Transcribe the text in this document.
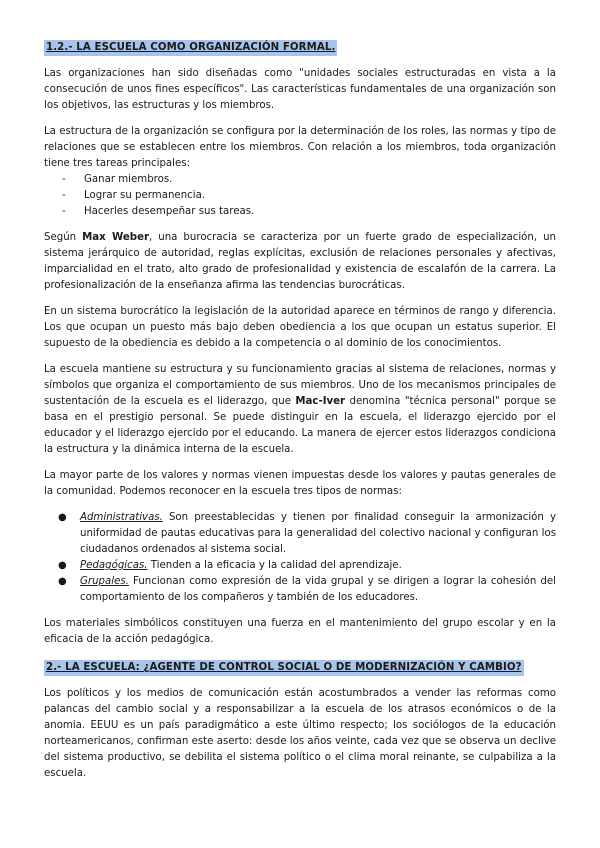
1.2.- LA ESCUELA COMO ORGANIZACIÓN FORMAL.

Las organizaciones han sido diseñadas como "unidades sociales estructuradas en vista a la consecución de unos fines específicos". Las características fundamentales de una organización son los objetivos, las estructuras y los miembros.

La estructura de la organización se configura por la determinación de los roles, las normas y tipo de relaciones que se establecen entre los miembros. Con relación a los miembros, toda organización tiene tres tareas principales:

- Ganar miembros.
- Lograr su permanencia.
- Hacerles desempeñar sus tareas.

Según Max Weber, una burocracia se caracteriza por un fuerte grado de especialización, un sistema jerárquico de autoridad, reglas explícitas, exclusión de relaciones personales y afectivas, imparcialidad en el trato, alto grado de profesionalidad y existencia de escalafón de la carrera. La profesionalización de la enseñanza afirma las tendencias burocráticas.

En un sistema burocrático la legislación de la autoridad aparece en términos de rango y diferencia. Los que ocupan un puesto más bajo deben obediencia a los que ocupan un estatus superior. El supuesto de la obediencia es debido a la competencia o al dominio de los conocimientos.

La escuela mantiene su estructura y su funcionamiento gracias al sistema de relaciones, normas y símbolos que organiza el comportamiento de sus miembros. Uno de los mecanismos principales de sustentación de la escuela es el liderazgo, que Mac-Iver denomina "técnica personal" porque se basa en el prestigio personal. Se puede distinguir en la escuela, el liderazgo ejercido por el educador y el liderazgo ejercido por el educando. La manera de ejercer estos liderazgos condiciona la estructura y la dinámica interna de la escuela.

La mayor parte de los valores y normas vienen impuestas desde los valores y pautas generales de la comunidad. Podemos reconocer en la escuela tres tipos de normas:

● Administrativas. Son preestablecidas y tienen por finalidad conseguir la armonización y uniformidad de pautas educativas para la generalidad del colectivo nacional y configuran los ciudadanos ordenados al sistema social.
● Pedagógicas. Tienden a la eficacia y la calidad del aprendizaje.
● Grupales. Funcionan como expresión de la vida grupal y se dirigen a lograr la cohesión del comportamiento de los compañeros y también de los educadores.

Los materiales simbólicos constituyen una fuerza en el mantenimiento del grupo escolar y en la eficacia de la acción pedagógica.

2.- LA ESCUELA: ¿AGENTE DE CONTROL SOCIAL O DE MODERNIZACIÓN Y CAMBIO?

Los políticos y los medios de comunicación están acostumbrados a vender las reformas como palancas del cambio social y a responsabilizar a la escuela de los atrasos económicos o de la anomia. EEUU es un país paradigmático a este último respecto; los sociólogos de la educación norteamericanos, confirman este aserto: desde los años veinte, cada vez que se observa un declive del sistema productivo, se debilita el sistema político o el clima moral reinante, se culpabiliza a la escuela.
